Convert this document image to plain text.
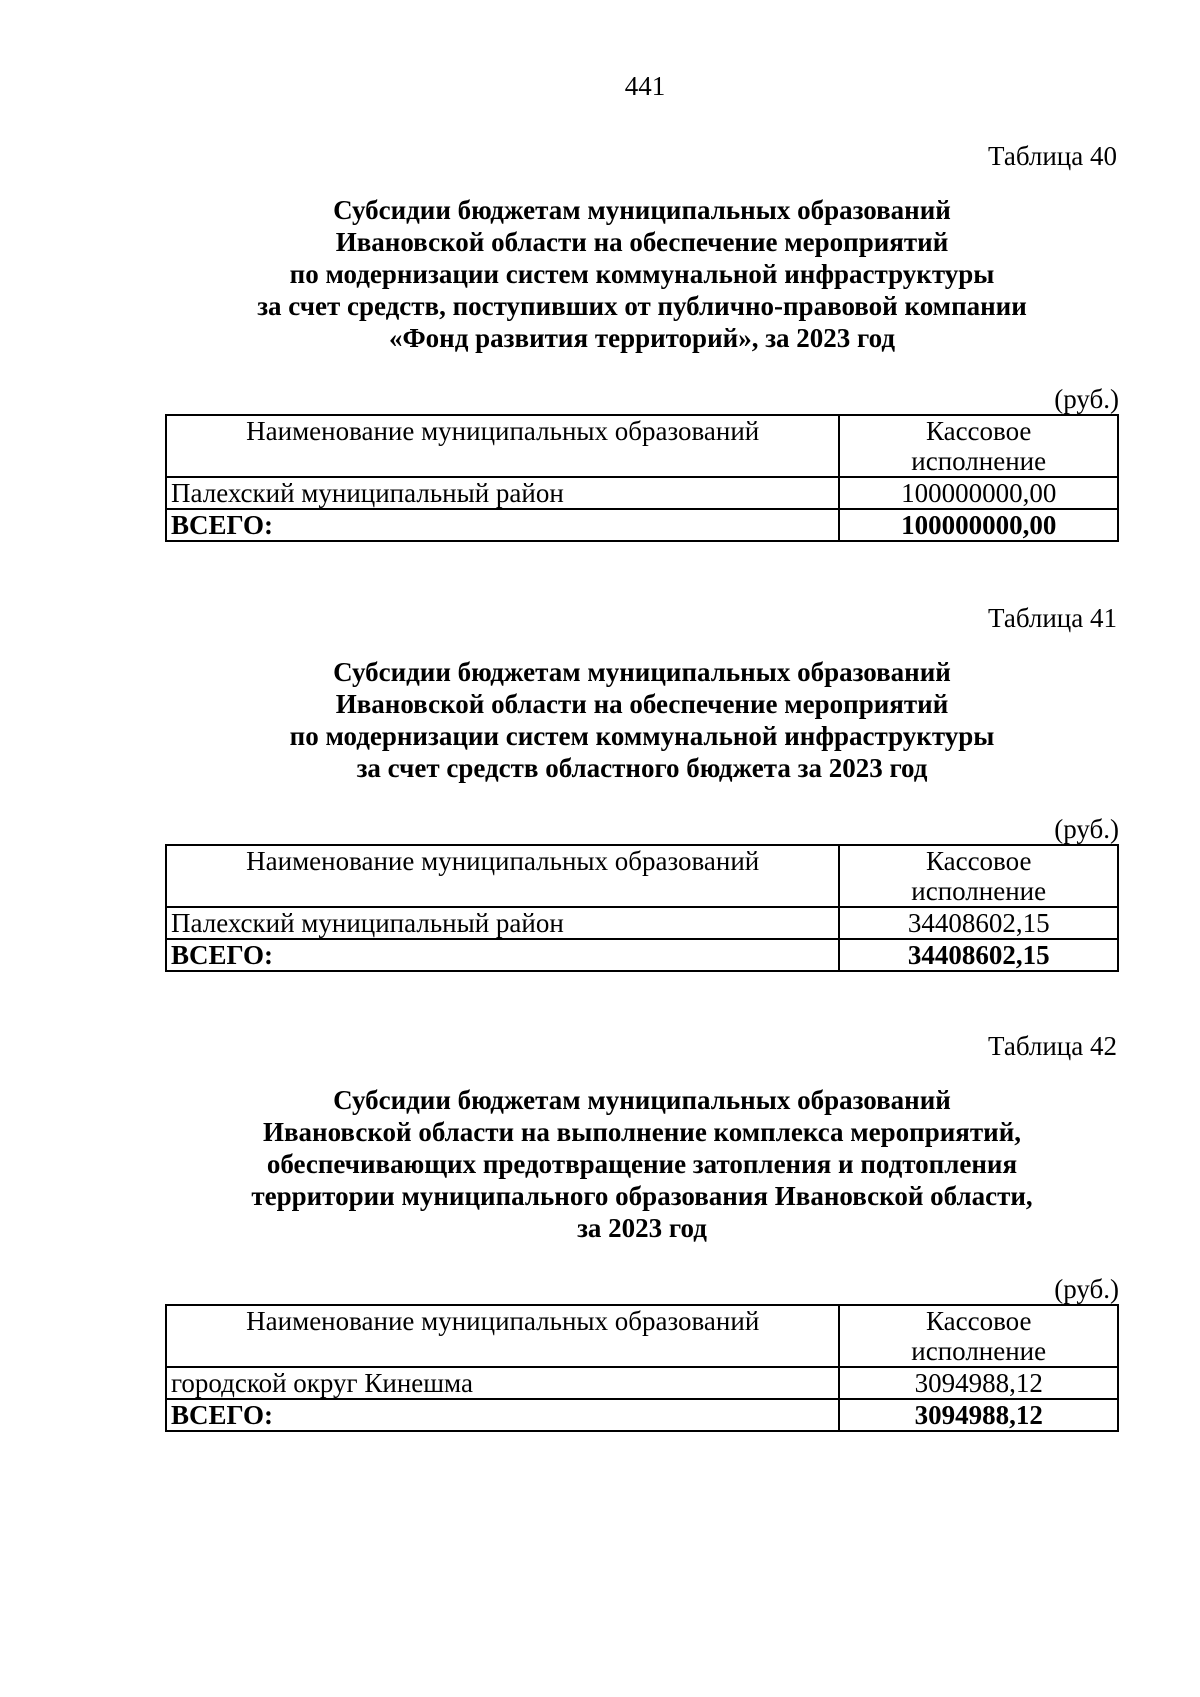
441
Таблица 40
Субсидии бюджетам муниципальных образований
Ивановской области на обеспечение мероприятий
по модернизации систем коммунальной инфраструктуры
за счет средств, поступивших от публично-правовой компании
«Фонд развития территорий», за 2023 год
(руб.)
Наименование муниципальных образований	Кассовое
исполнение

Палехский муниципальный район	100000000,00
ВСЕГО:	100000000,00
Таблица 41
Субсидии бюджетам муниципальных образований
Ивановской области на обеспечение мероприятий
по модернизации систем коммунальной инфраструктуры
за счет средств областного бюджета за 2023 год
(руб.)
Наименование муниципальных образований	Кассовое
исполнение

Палехский муниципальный район	34408602,15
ВСЕГО:	34408602,15
Таблица 42
Субсидии бюджетам муниципальных образований
Ивановской области на выполнение комплекса мероприятий,
обеспечивающих предотвращение затопления и подтопления
территории муниципального образования Ивановской области,
за 2023 год
(руб.)
Наименование муниципальных образований	Кассовое
исполнение

городской округ Кинешма	3094988,12
ВСЕГО:	3094988,12
